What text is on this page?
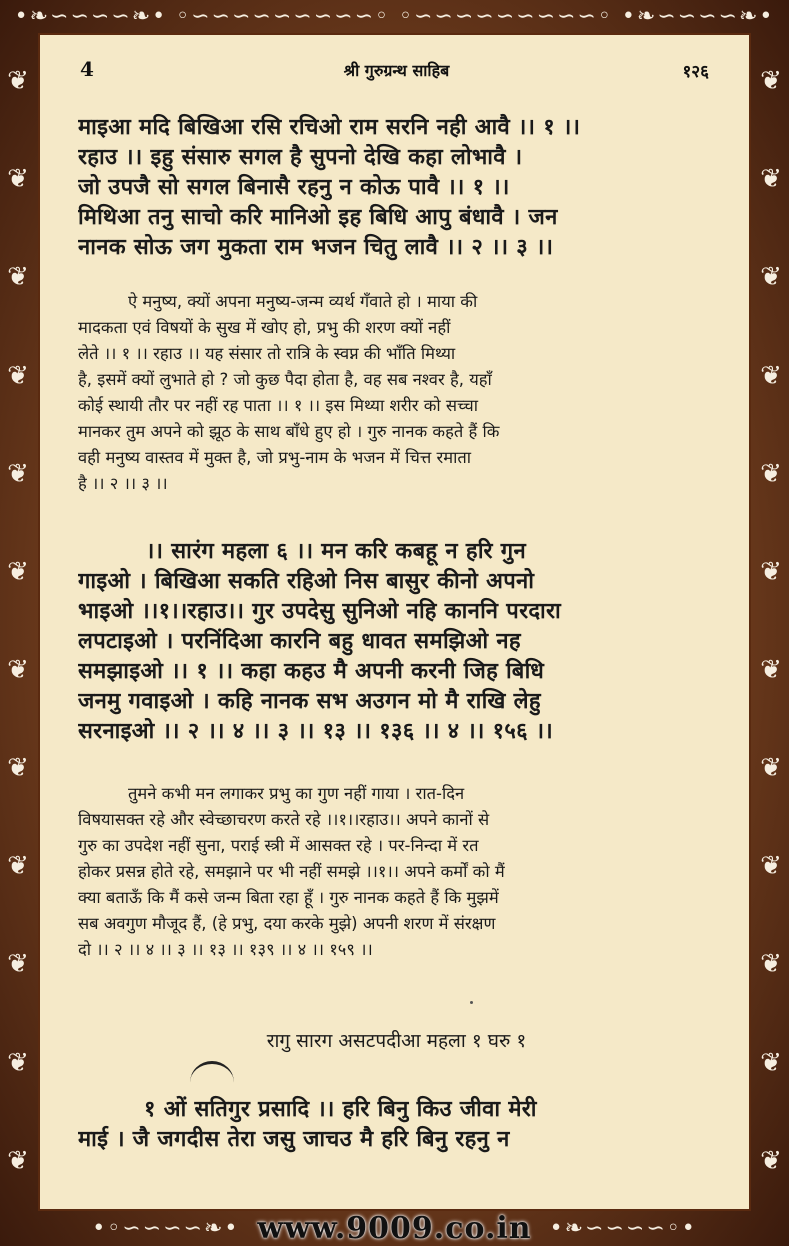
•❧∽∽∽∽❧• ◦∽∽∽∽∽∽∽∽∽◦ ◦∽∽∽∽∽∽∽∽∽◦ •❧∽∽∽∽❧•
❦
❦
❦
❦
❦
❦
❦
❦
❦
❦
❦
❦
❦
❦
❦
❦
❦
❦
❦
❦
❦
❦
❦
❦
4	श्री गुरुग्रन्थ साहिब	१२६
माइआ मदि बिखिआ रसि रचिओ राम सरनि नही आवै ।। १ ।।
रहाउ ।। इहु संसारु सगल है सुपनो देखि कहा लोभावै ।
जो उपजै सो सगल बिनासै रहनु न कोऊ पावै ।। १ ।।
मिथिआ तनु साचो करि मानिओ इह बिधि आपु बंधावै । जन
नानक सोऊ जग मुकता राम भजन चितु लावै ।। २ ।। ३ ।।
ऐ मनुष्य, क्यों अपना मनुष्य-जन्म व्यर्थ गँवाते हो । माया की
मादकता एवं विषयों के सुख में खोए हो, प्रभु की शरण क्यों नहीं
लेते ।। १ ।। रहाउ ।। यह संसार तो रात्रि के स्वप्न की भाँति मिथ्या
है, इसमें क्यों लुभाते हो ? जो कुछ पैदा होता है, वह सब नश्वर है, यहाँ
कोई स्थायी तौर पर नहीं रह पाता ।। १ ।। इस मिथ्या शरीर को सच्चा
मानकर तुम अपने को झूठ के साथ बाँधे हुए हो । गुरु नानक कहते हैं कि
वही मनुष्य वास्तव में मुक्त है, जो प्रभु-नाम के भजन में चित्त रमाता
है ।। २ ।। ३ ।।
।। सारंग महला ६ ।। मन करि कबहू न हरि गुन
गाइओ । बिखिआ सकति रहिओ निस बासुर कीनो अपनो
भाइओ ।।१।।रहाउ।। गुर उपदेसु सुनिओ नहि काननि परदारा
लपटाइओ । परनिंदिआ कारनि बहु धावत समझिओ नह
समझाइओ ।। १ ।। कहा कहउ मै अपनी करनी जिह बिधि
जनमु गवाइओ । कहि नानक सभ अउगन मो मै राखि लेहु
सरनाइओ ।। २ ।। ४ ।। ३ ।। १३ ।। १३६ ।। ४ ।। १५६ ।।
तुमने कभी मन लगाकर प्रभु का गुण नहीं गाया । रात-दिन
विषयासक्त रहे और स्वेच्छाचरण करते रहे ।।१।।रहाउ।। अपने कानों से
गुरु का उपदेश नहीं सुना, पराई स्त्री में आसक्त रहे । पर-निन्दा में रत
होकर प्रसन्न होते रहे, समझाने पर भी नहीं समझे ।।१।। अपने कर्मों को मैं
क्या बताऊँ कि मैं कसे जन्म बिता रहा हूँ । गुरु नानक कहते हैं कि मुझमें
सब अवगुण मौजूद हैं, (हे प्रभु, दया करके मुझे) अपनी शरण में संरक्षण
दो ।। २ ।। ४ ।। ३ ।। १३ ।। १३९ ।। ४ ।। १५९ ।।
रागु सारग असटपदीआ महला १ घरु १
१ ओं सतिगुर प्रसादि ।। हरि बिनु किउ जीवा मेरी
माई । जै जगदीस तेरा जसु जाचउ मै हरि बिनु रहनु न
•◦∽∽∽∽❧• www.9009.co.in •❧∽∽∽∽◦•
